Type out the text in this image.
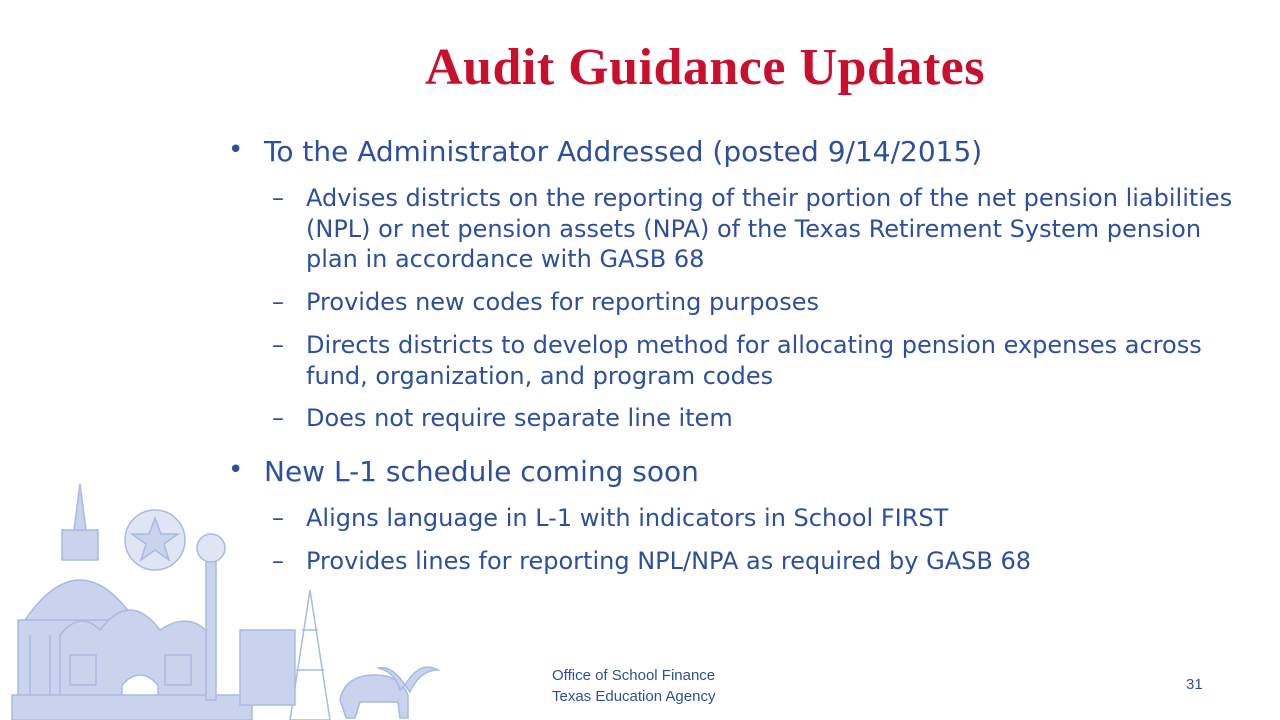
Audit Guidance Updates
• To the Administrator Addressed (posted 9/14/2015)
– Advises districts on the reporting of their portion of the net pension liabilities (NPL) or net pension assets (NPA) of the Texas Retirement System pension plan in accordance with GASB 68
– Provides new codes for reporting purposes
– Directs districts to develop method for allocating pension expenses across fund, organization, and program codes
– Does not require separate line item
• New L-1 schedule coming soon
– Aligns language in L-1 with indicators in School FIRST
– Provides lines for reporting NPL/NPA as required by GASB 68
Office of School Finance
Texas Education Agency
31
